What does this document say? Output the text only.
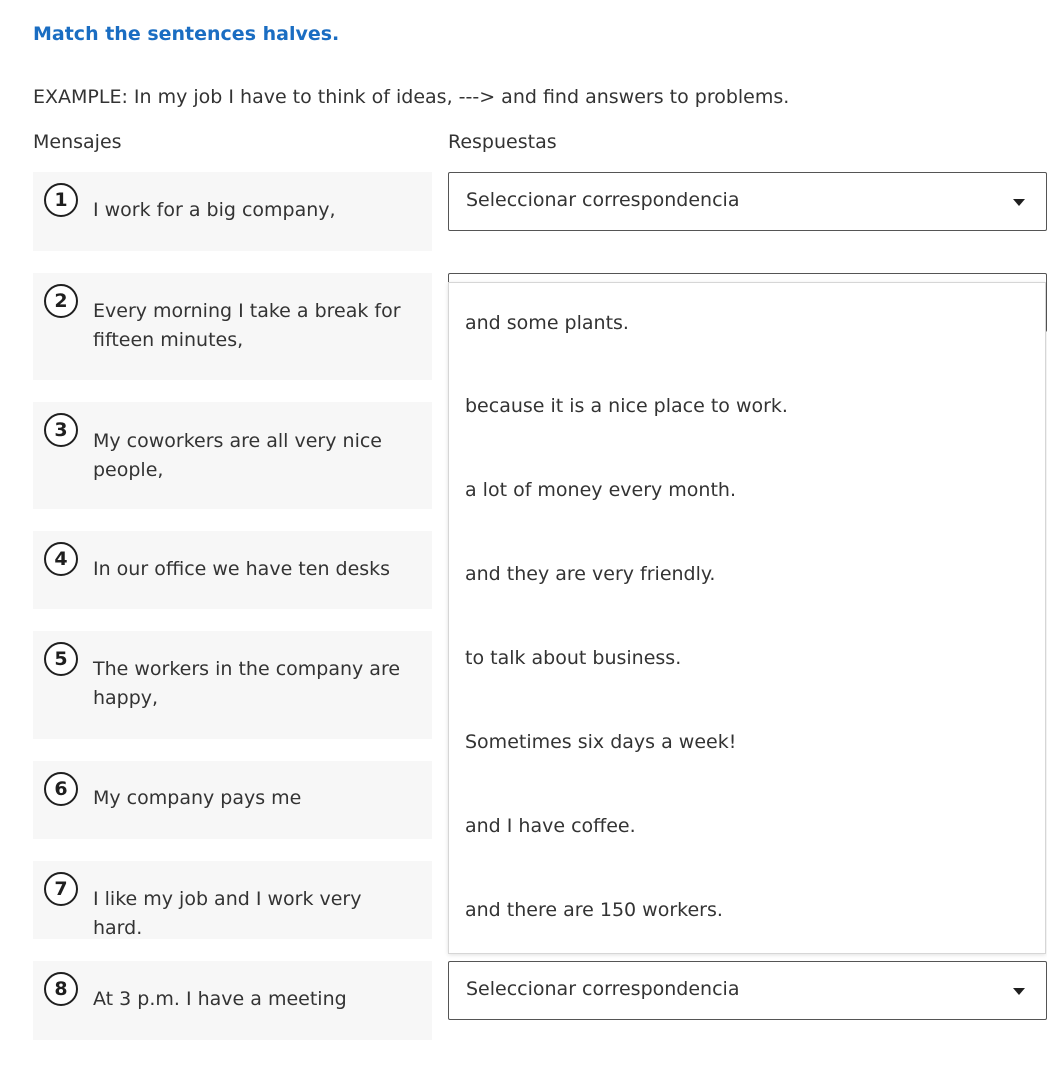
Match the sentences halves.
EXAMPLE: In my job I have to think of ideas, ---> and find answers to problems.
Mensajes	Respuestas
1	I work for a big company,	Seleccionar correspondencia
2	Every morning I take a break for fifteen minutes,
3	My coworkers are all very nice people,
4	In our office we have ten desks
5	The workers in the company are happy,
6	My company pays me
7	I like my job and I work very hard.
8	At 3 p.m. I have a meeting	Seleccionar correspondencia
and some plants.
because it is a nice place to work.
a lot of money every month.
and they are very friendly.
to talk about business.
Sometimes six days a week!
and I have coffee.
and there are 150 workers.
